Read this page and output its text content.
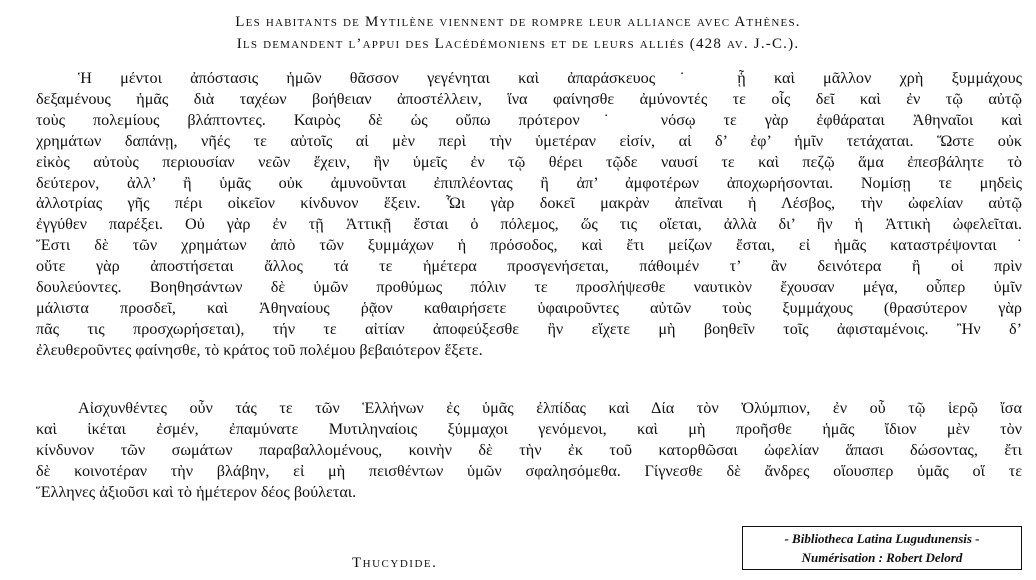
Les habitants de Mytilène viennent de rompre leur alliance avec Athènes.
Ils demandent l’appui des Lacédémoniens et de leurs alliés (428 av. J.-C.).
Ἡ μέντοι ἀπόστασις ἡμῶν θᾶσσον γεγένηται καὶ ἀπαράσκευος˙ ᾗ καὶ μᾶλλον χρὴ ξυμμάχους
δεξαμένους ἡμᾶς διὰ ταχέων βοήθειαν ἀποστέλλειν, ἵνα φαίνησθε ἀμύνοντές τε οἷς δεῖ καὶ ἐν τῷ αὐτῷ
τοὺς πολεμίους βλάπτοντες. Καιρὸς δὲ ὡς οὔπω πρότερον˙ νόσῳ τε γὰρ ἐφθάραται Ἀθηναῖοι καὶ
χρημάτων δαπάνῃ, νῆές τε αὐτοῖς αἱ μὲν περὶ τὴν ὑμετέραν εἰσίν, αἱ δ’ ἐφ’ ἡμῖν τετάχαται. Ὥστε οὐκ
εἰκὸς αὐτοὺς περιουσίαν νεῶν ἔχειν, ἢν ὑμεῖς ἐν τῷ θέρει τῷδε ναυσί τε καὶ πεζῷ ἅμα ἐπεσβάλητε τὸ
δεύτερον, ἀλλ’ ἢ ὑμᾶς οὐκ ἀμυνοῦνται ἐπιπλέοντας ἢ ἀπ’ ἀμφοτέρων ἀποχωρήσονται. Νομίσῃ τε μηδεὶς
ἀλλοτρίας γῆς πέρι οἰκεῖον κίνδυνον ἕξειν. Ὧι γὰρ δοκεῖ μακρὰν ἀπεῖναι ἡ Λέσβος, τὴν ὠφελίαν αὐτῷ
ἐγγύθεν παρέξει. Οὐ γὰρ ἐν τῇ Ἀττικῇ ἔσται ὁ πόλεμος, ὥς τις οἴεται, ἀλλὰ δι’ ἣν ἡ Ἀττικὴ ὠφελεῖται.
Ἔστι δὲ τῶν χρημάτων ἀπὸ τῶν ξυμμάχων ἡ πρόσοδος, καὶ ἔτι μείζων ἔσται, εἰ ἡμᾶς καταστρέψονται˙
οὔτε γὰρ ἀποστήσεται ἄλλος τά τε ἡμέτερα προσγενήσεται, πάθοιμέν τ’ ἂν δεινότερα ἢ οἱ πρὶν
δουλεύοντες. Βοηθησάντων δὲ ὑμῶν προθύμως πόλιν τε προσλήψεσθε ναυτικὸν ἔχουσαν μέγα, οὗπερ ὑμῖν
μάλιστα προσδεῖ, καὶ Ἀθηναίους ῥᾷον καθαιρήσετε ὑφαιροῦντες αὐτῶν τοὺς ξυμμάχους (θρασύτερον γὰρ
πᾶς τις προσχωρήσεται), τήν τε αἰτίαν ἀποφεύξεσθε ἣν εἴχετε μὴ βοηθεῖν τοῖς ἀφισταμένοις. Ἢν δ’
ἐλευθεροῦντες φαίνησθε, τὸ κράτος τοῦ πολέμου βεβαιότερον ἕξετε.
Αἰσχυνθέντες οὖν τάς τε τῶν Ἑλλήνων ἐς ὑμᾶς ἐλπίδας καὶ Δία τὸν Ὀλύμπιον, ἐν οὗ τῷ ἱερῷ ἴσα
καὶ ἱκέται ἐσμέν, ἐπαμύνατε Μυτιληναίοις ξύμμαχοι γενόμενοι, καὶ μὴ προῆσθε ἡμᾶς ἴδιον μὲν τὸν
κίνδυνον τῶν σωμάτων παραβαλλομένους, κοινὴν δὲ τὴν ἐκ τοῦ κατορθῶσαι ὠφελίαν ἅπασι δώσοντας, ἔτι
δὲ κοινοτέραν τὴν βλάβην, εἰ μὴ πεισθέντων ὑμῶν σφαλησόμεθα. Γίγνεσθε δὲ ἄνδρες οἵουσπερ ὑμᾶς οἵ τε
Ἕλληνες ἀξιοῦσι καὶ τὸ ἡμέτερον δέος βούλεται.
Thucydide.
- Bibliotheca Latina Lugudunensis -
Numérisation : Robert Delord
